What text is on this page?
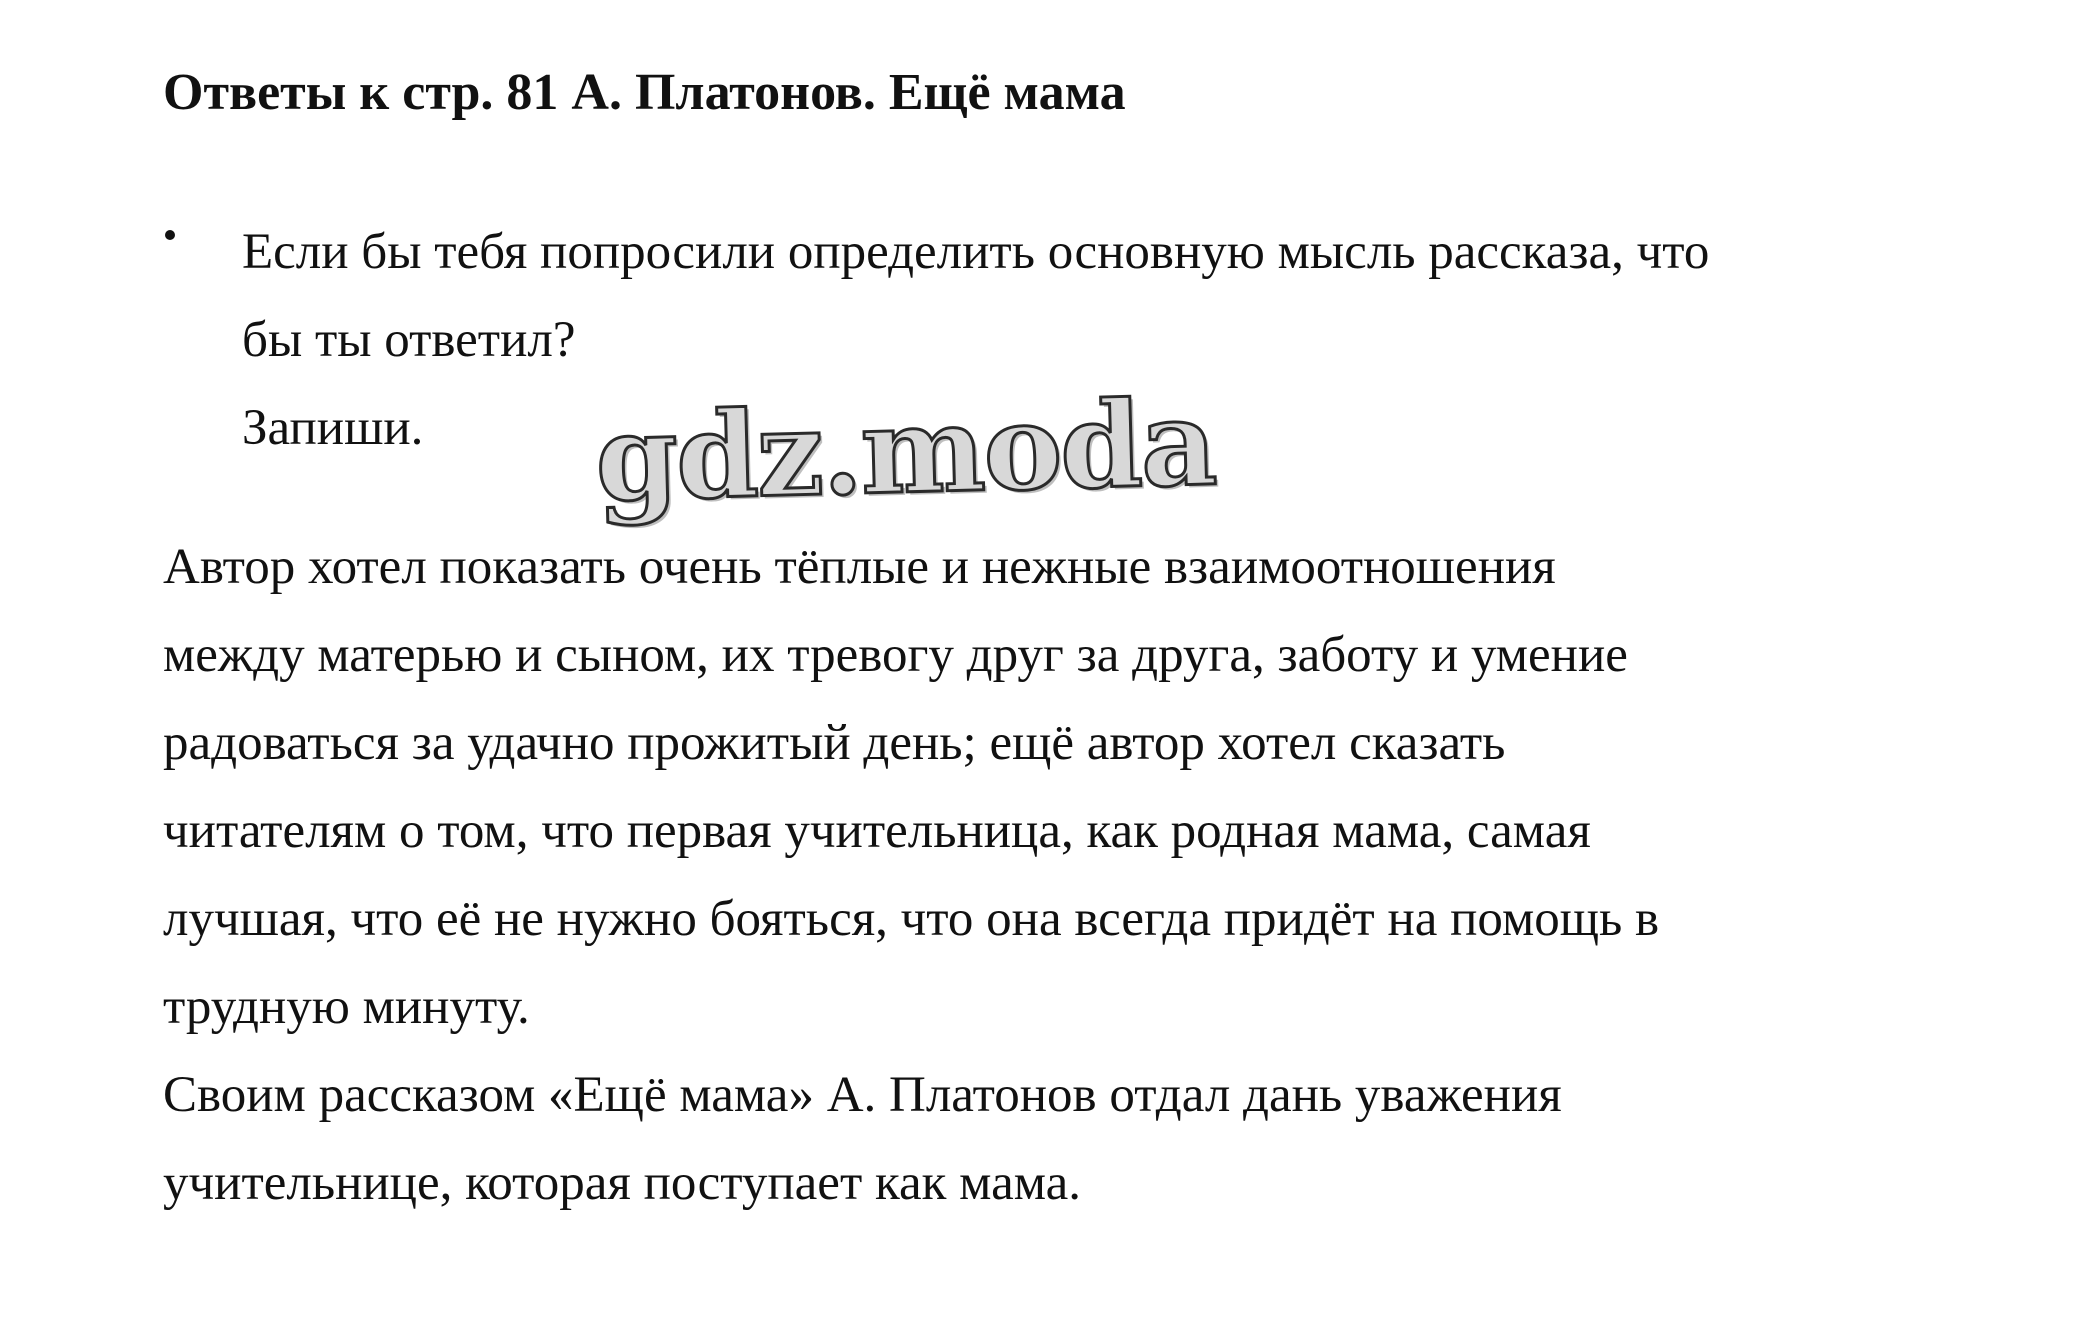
Ответы к стр. 81 А. Платонов. Ещё мама
Если бы тебя попросили определить основную мысль рассказа, что
бы ты ответил?
Запиши.	gdz.moda

Автор хотел показать очень тёплые и нежные взаимоотношения
между матерью и сыном, их тревогу друг за друга, заботу и умение
радоваться за удачно прожитый день; ещё автор хотел сказать
читателям о том, что первая учительница, как родная мама, самая
лучшая, что её не нужно бояться, что она всегда придёт на помощь в
трудную минуту.

Своим рассказом «Ещё мама» А. Платонов отдал дань уважения
учительнице, которая поступает как мама.
